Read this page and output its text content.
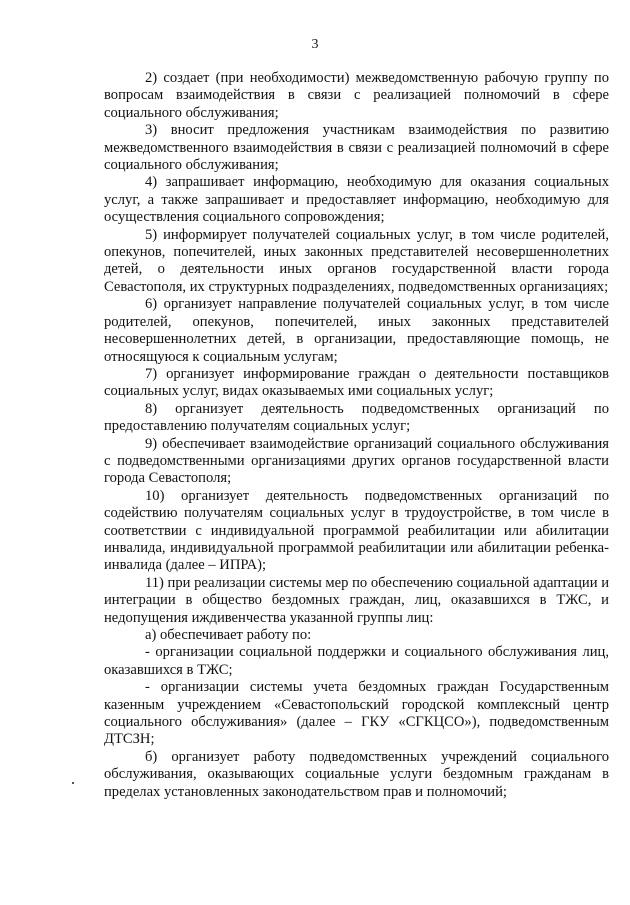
3

2) создает (при необходимости) межведомственную рабочую группу по вопросам взаимодействия в связи с реализацией полномочий в сфере социального обслуживания;

3) вносит предложения участникам взаимодействия по развитию межведомственного взаимодействия в связи с реализацией полномочий в сфере социального обслуживания;

4) запрашивает информацию, необходимую для оказания социальных услуг, а также запрашивает и предоставляет информацию, необходимую для осуществления социального сопровождения;

5) информирует получателей социальных услуг, в том числе родителей, опекунов, попечителей, иных законных представителей несовершеннолетних детей, о деятельности иных органов государственной власти города Севастополя, их структурных подразделениях, подведомственных организациях;

6) организует направление получателей социальных услуг, в том числе родителей, опекунов, попечителей, иных законных представителей несовершеннолетних детей, в организации, предоставляющие помощь, не относящуюся к социальным услугам;

7) организует информирование граждан о деятельности поставщиков социальных услуг, видах оказываемых ими социальных услуг;

8) организует деятельность подведомственных организаций по предоставлению получателям социальных услуг;

9) обеспечивает взаимодействие организаций социального обслуживания с подведомственными организациями других органов государственной власти города Севастополя;

10) организует деятельность подведомственных организаций по содействию получателям социальных услуг в трудоустройстве, в том числе в соответствии с индивидуальной программой реабилитации или абилитации инвалида, индивидуальной программой реабилитации или абилитации ребенка-инвалида (далее – ИПРА);

11) при реализации системы мер по обеспечению социальной адаптации и интеграции в общество бездомных граждан, лиц, оказавшихся в ТЖС, и недопущения иждивенчества указанной группы лиц:

а) обеспечивает работу по:

- организации социальной поддержки и социального обслуживания лиц, оказавшихся в ТЖС;

- организации системы учета бездомных граждан Государственным казенным учреждением «Севастопольский городской комплексный центр социального обслуживания» (далее – ГКУ «СГКЦСО»), подведомственным ДТСЗН;

б) организует работу подведомственных учреждений социального обслуживания, оказывающих социальные услуги бездомным гражданам в пределах установленных законодательством прав и полномочий;
